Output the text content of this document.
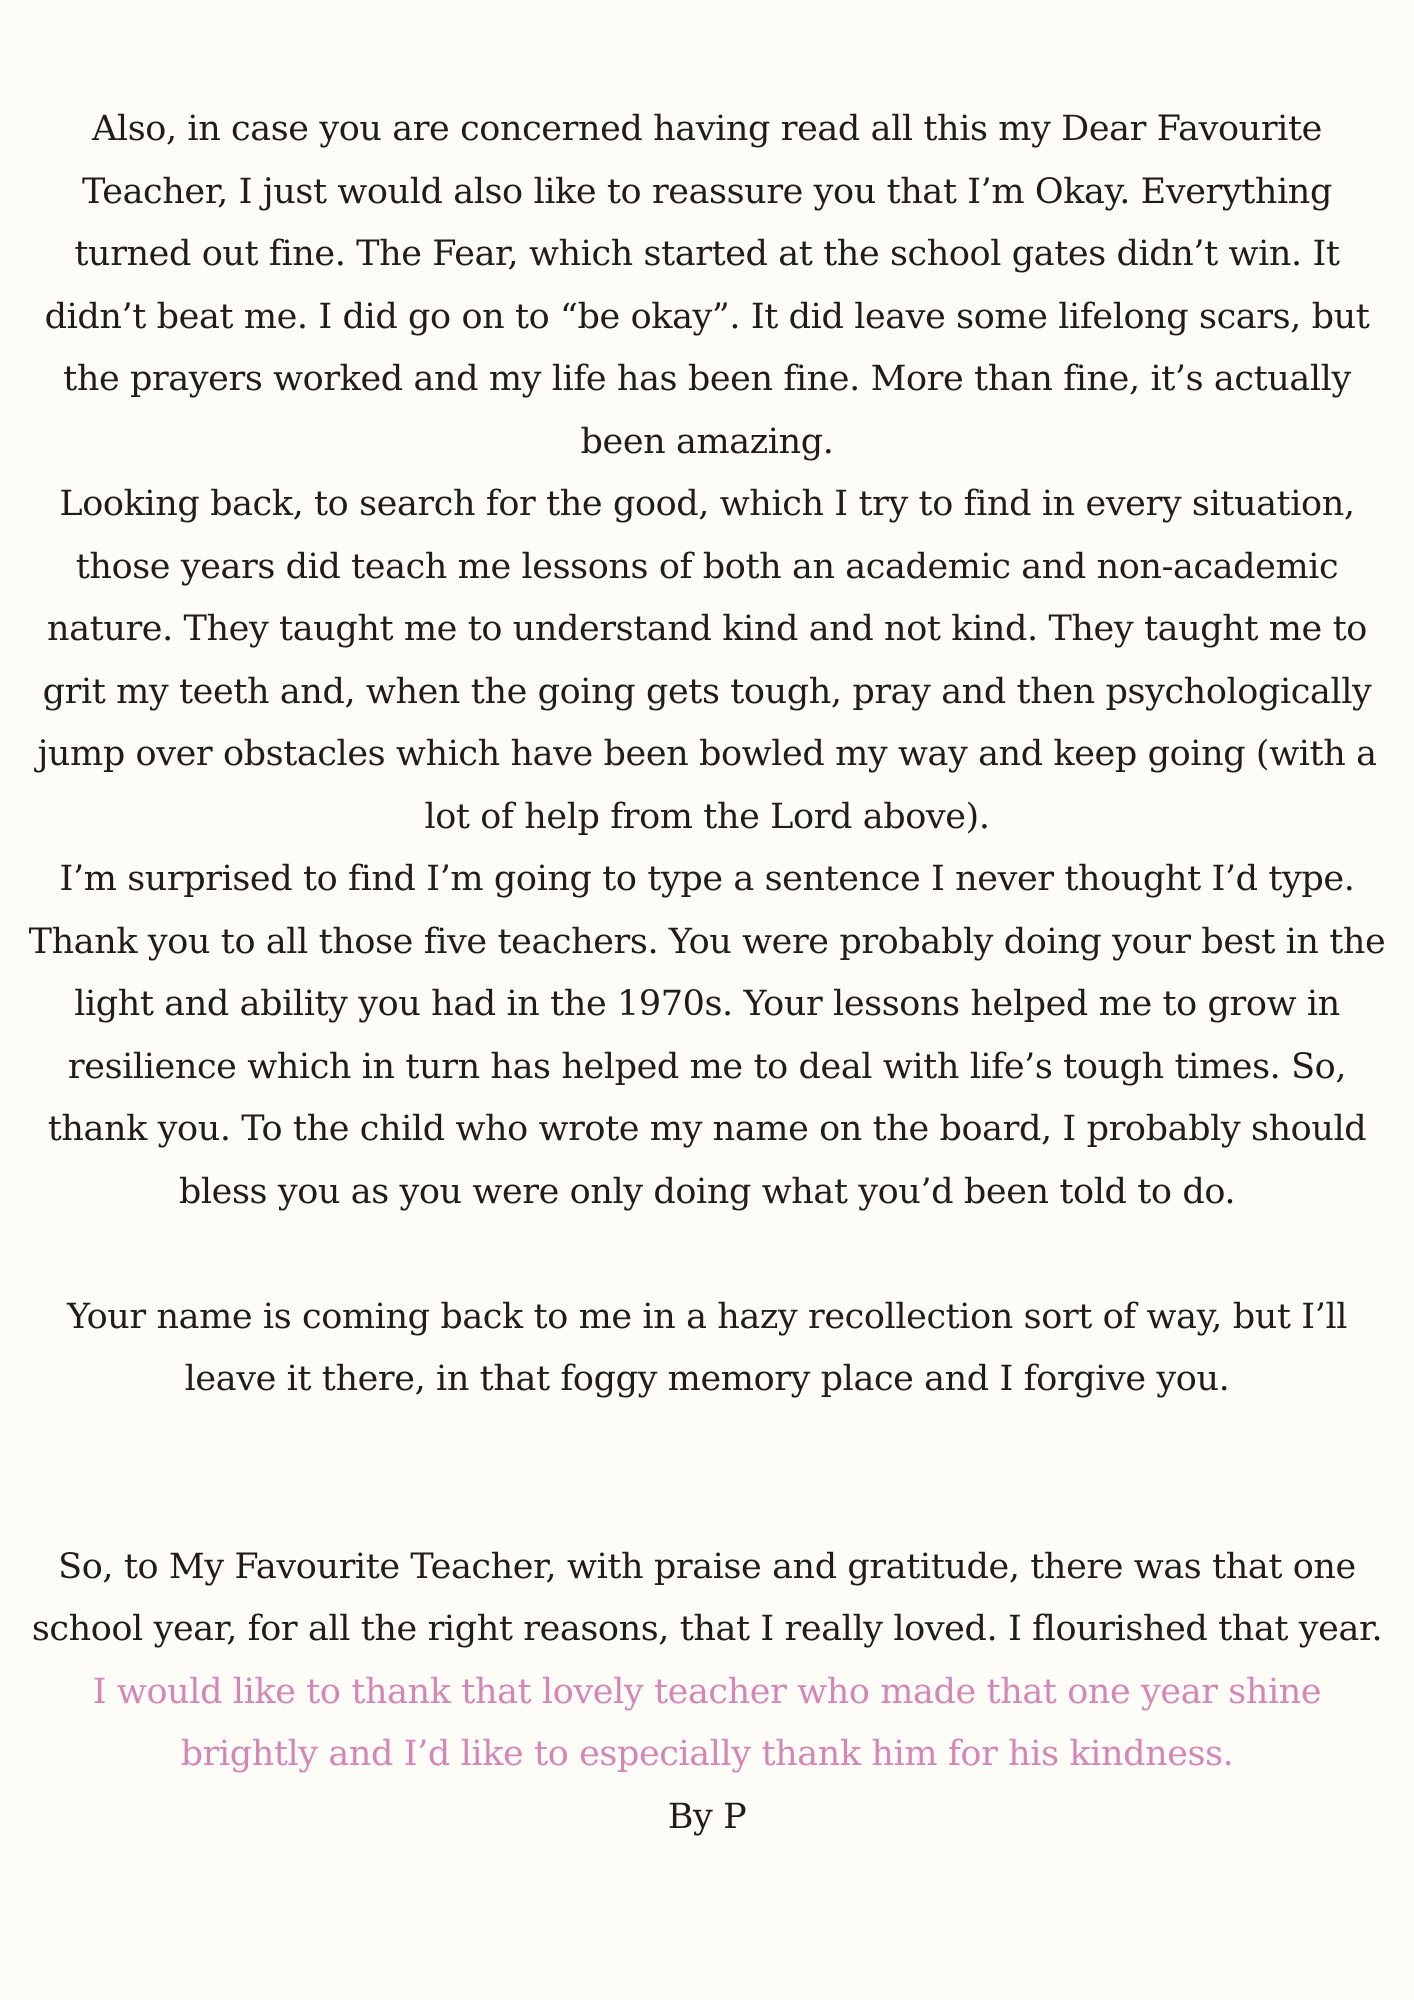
Also, in case you are concerned having read all this my Dear Favourite Teacher, I just would also like to reassure you that I’m Okay. Everything turned out fine. The Fear, which started at the school gates didn’t win. It didn’t beat me. I did go on to “be okay”. It did leave some lifelong scars, but the prayers worked and my life has been fine. More than fine, it’s actually been amazing.

Looking back, to search for the good, which I try to find in every situation, those years did teach me lessons of both an academic and non-academic nature. They taught me to understand kind and not kind. They taught me to grit my teeth and, when the going gets tough, pray and then psychologically jump over obstacles which have been bowled my way and keep going (with a lot of help from the Lord above).

I’m surprised to find I’m going to type a sentence I never thought I’d type. Thank you to all those five teachers. You were probably doing your best in the light and ability you had in the 1970s. Your lessons helped me to grow in resilience which in turn has helped me to deal with life’s tough times. So, thank you. To the child who wrote my name on the board, I probably should bless you as you were only doing what you’d been told to do.

Your name is coming back to me in a hazy recollection sort of way, but I’ll leave it there, in that foggy memory place and I forgive you.

So, to My Favourite Teacher, with praise and gratitude, there was that one school year, for all the right reasons, that I really loved. I flourished that year.

I would like to thank that lovely teacher who made that one year shine brightly and I’d like to especially thank him for his kindness.

By P
